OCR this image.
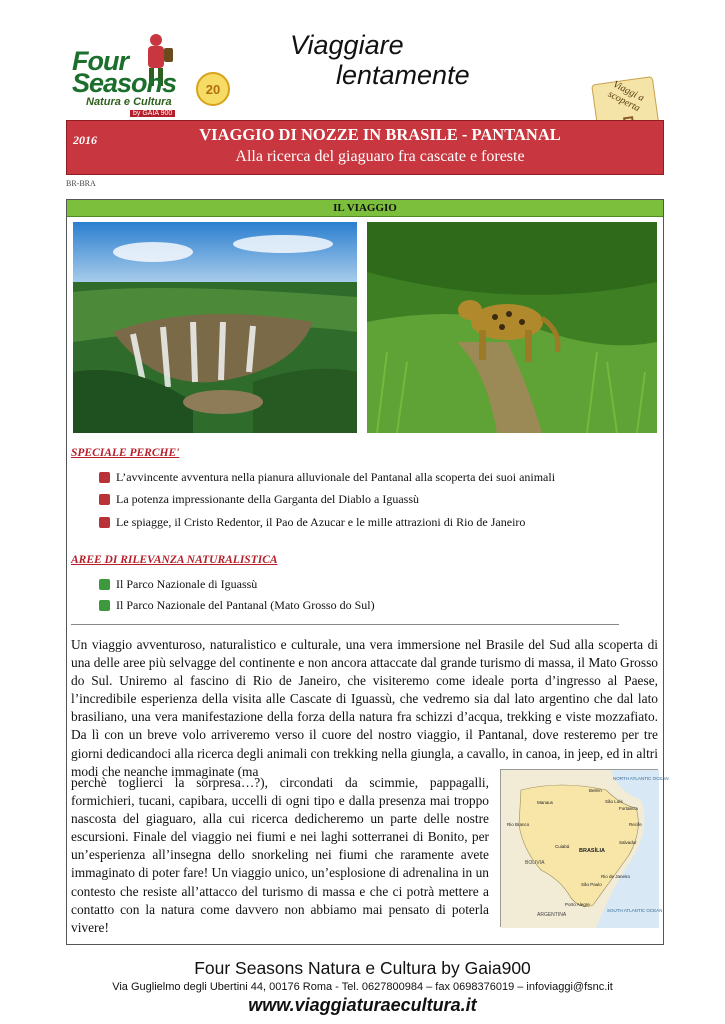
Four Seasons
Natura e Cultura
by GAIA 900
20
Viaggiare
lentamente
Viaggi a scoperta
2016	VIAGGIO DI NOZZE IN BRASILE - PANTANAL
Alla ricerca del giaguaro fra cascate e foreste
BR-BRA
IL VIAGGIO
SPECIALE PERCHE'
L’avvincente avventura nella pianura alluvionale del Pantanal alla scoperta dei suoi animali
La potenza impressionante della Garganta del Diablo a Iguassù
Le spiagge, il Cristo Redentor, il Pao de Azucar e le mille attrazioni di Rio de Janeiro
AREE DI RILEVANZA NATURALISTICA
Il Parco Nazionale di Iguassù
Il Parco Nazionale del Pantanal (Mato Grosso do Sul)
Un viaggio avventuroso, naturalistico e culturale, una vera immersione nel Brasile del Sud alla scoperta di una delle aree più selvagge del continente e non ancora attaccate dal grande turismo di massa, il Mato Grosso do Sul. Uniremo al fascino di Rio de Janeiro, che visiteremo come ideale porta d’ingresso al Paese, l’incredibile esperienza della visita alle Cascate di Iguassù, che vedremo sia dal lato argentino che dal lato brasiliano, una vera manifestazione della forza della natura fra schizzi d’acqua, trekking e viste mozzafiato. Da lì con un breve volo arriveremo verso il cuore del nostro viaggio, il Pantanal, dove resteremo per tre giorni dedicandoci alla ricerca degli animali con trekking nella giungla, a cavallo, in canoa, in jeep, ed in altri modi che neanche immaginate (ma
perchè toglierci la sorpresa…?), circondati da scimmie, pappagalli, formichieri, tucani, capibara, uccelli di ogni tipo e dalla presenza mai troppo nascosta del giaguaro, alla cui ricerca dedicheremo un parte delle nostre escursioni. Finale del viaggio nei fiumi e nei laghi sotterranei di Bonito, per un’esperienza all’insegna dello snorkeling nei fiumi che raramente avete immaginato di poter fare! Un viaggio unico, un’esplosione di adrenalina in un contesto che resiste all’attacco del turismo di massa e che ci potrà mettere a contatto con la natura come davvero non abbiamo mai pensato di poterla vivere!
NORTH ATLANTIC OCEAN
SOUTH ATLANTIC OCEAN
BRASÍLIA
BOLIVIA
ARGENTINA
Manaus
Belém
São Luís
Fortaleza
Recife
Salvador
Rio Branco
Cuiabá
Rio de Janeiro
São Paulo
Porto Alegre
Four Seasons Natura e Cultura by Gaia900
Via Guglielmo degli Ubertini 44, 00176 Roma - Tel. 0627800984 – fax 0698376019 – infoviaggi@fsnc.it
www.viaggiaturaecultura.it
